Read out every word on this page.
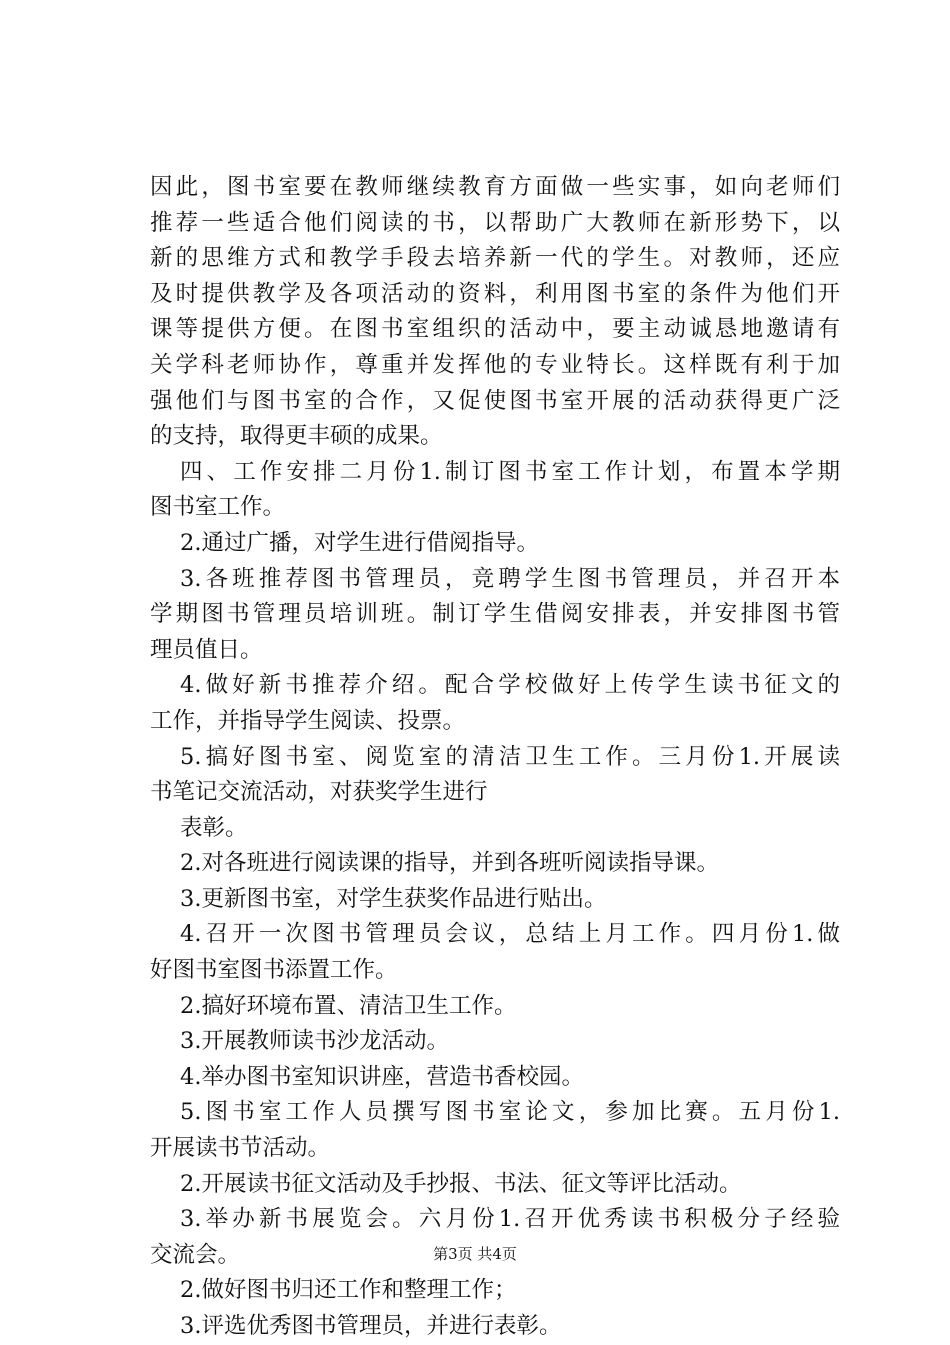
因此，图书室要在教师继续教育方面做一些实事，如向老师们
推荐一些适合他们阅读的书，以帮助广大教师在新形势下，以
新的思维方式和教学手段去培养新一代的学生。对教师，还应
及时提供教学及各项活动的资料，利用图书室的条件为他们开
课等提供方便。在图书室组织的活动中，要主动诚恳地邀请有
关学科老师协作，尊重并发挥他的专业特长。这样既有利于加
强他们与图书室的合作，又促使图书室开展的活动获得更广泛
的支持，取得更丰硕的成果。
四、工作安排二月份1.制订图书室工作计划，布置本学期
图书室工作。
2.通过广播，对学生进行借阅指导。
3.各班推荐图书管理员，竞聘学生图书管理员，并召开本
学期图书管理员培训班。制订学生借阅安排表，并安排图书管
理员值日。
4.做好新书推荐介绍。配合学校做好上传学生读书征文的
工作，并指导学生阅读、投票。
5.搞好图书室、阅览室的清洁卫生工作。三月份1.开展读
书笔记交流活动，对获奖学生进行
表彰。
2.对各班进行阅读课的指导，并到各班听阅读指导课。
3.更新图书室，对学生获奖作品进行贴出。
4.召开一次图书管理员会议，总结上月工作。四月份1.做
好图书室图书添置工作。
2.搞好环境布置、清洁卫生工作。
3.开展教师读书沙龙活动。
4.举办图书室知识讲座，营造书香校园。
5.图书室工作人员撰写图书室论文，参加比赛。五月份1.
开展读书节活动。
2.开展读书征文活动及手抄报、书法、征文等评比活动。
3.举办新书展览会。六月份1.召开优秀读书积极分子经验
交流会。
2.做好图书归还工作和整理工作；
3.评选优秀图书管理员，并进行表彰。
第3页 共4页
